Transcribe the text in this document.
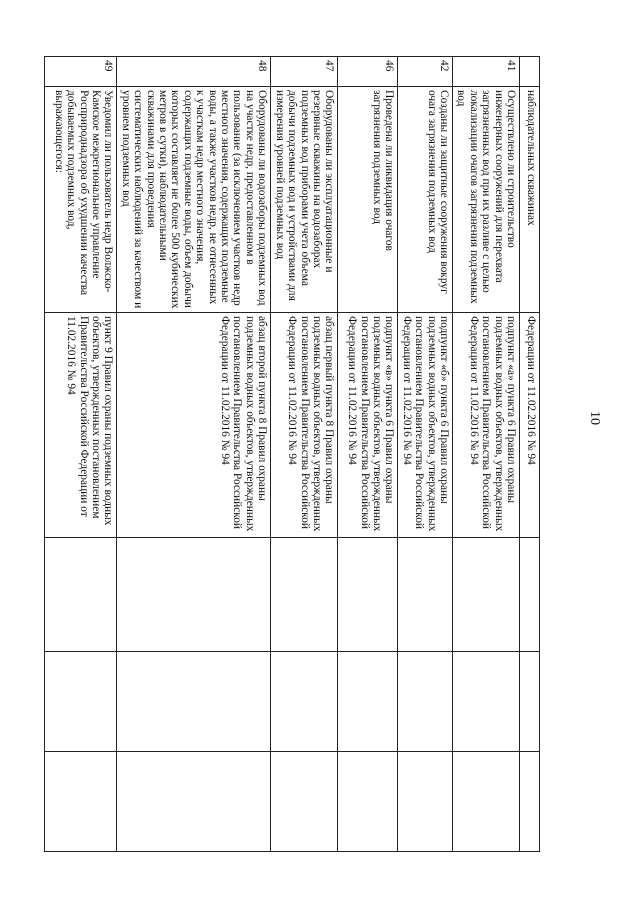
10
	наблюдательных скважинах	Федерации от 11.02.2016 № 94			
41	Осуществлено ли строительство инженерных сооружений для перехвата загрязненных вод при их разливе с целью локализации очагов загрязнения подземных вод	подпункт «а» пункта 6 Правил охраны подземных водных объектов, утвержденных постановлением Правительства Российской Федерации от 11.02.2016 № 94			
42	Созданы ли защитные сооружения вокруг очага загрязнения подземных вод	подпункт «б» пункта 6 Правил охраны подземных водных объектов, утвержденных постановлением Правительства Российской Федерации от 11.02.2016 № 94			
46	Проведена ли ликвидация очагов загрязнения подземных вод	подпункт «в» пункта 6 Правил охраны подземных водных объектов, утвержденных постановлением Правительства Российской Федерации от 11.02.2016 № 94			
47	Оборудованы ли эксплуатационные и резервные скважины на водозаборах подземных вод приборами учета объема добычи подземных вод и устройствами для измерения уровней подземных вод	абзац первый пункта 8 Правил охраны подземных водных объектов, утвержденных постановлением Правительства Российской Федерации от 11.02.2016 № 94			
48	Оборудованы ли водозаборы подземных вод на участке недр, предоставленном в пользование (за исключением участков недр местного значения, содержащих подземные воды, а также участков недр, не отнесенных к участкам недр местного значения, содержащих подземные воды, объем добычи которых составляет не более 500 кубических метров в сутки), наблюдательными скважинами для проведения систематических наблюдений за качеством и уровнем подземных вод	абзац второй пункта 8 Правил охраны подземных водных объектов, утвержденных постановлением Правительства Российской Федерации от 11.02.2016 № 94			
49	Уведомил ли пользователь недр Волжско-Камское межрегиональное управление Росприроднадзора об ухудшении качества добываемых подземных вод, выражающегося:	пункт 9 Правил охраны подземных водных объектов, утвержденных постановлением Правительства Российской Федерации от 11.02.2016 № 94			
